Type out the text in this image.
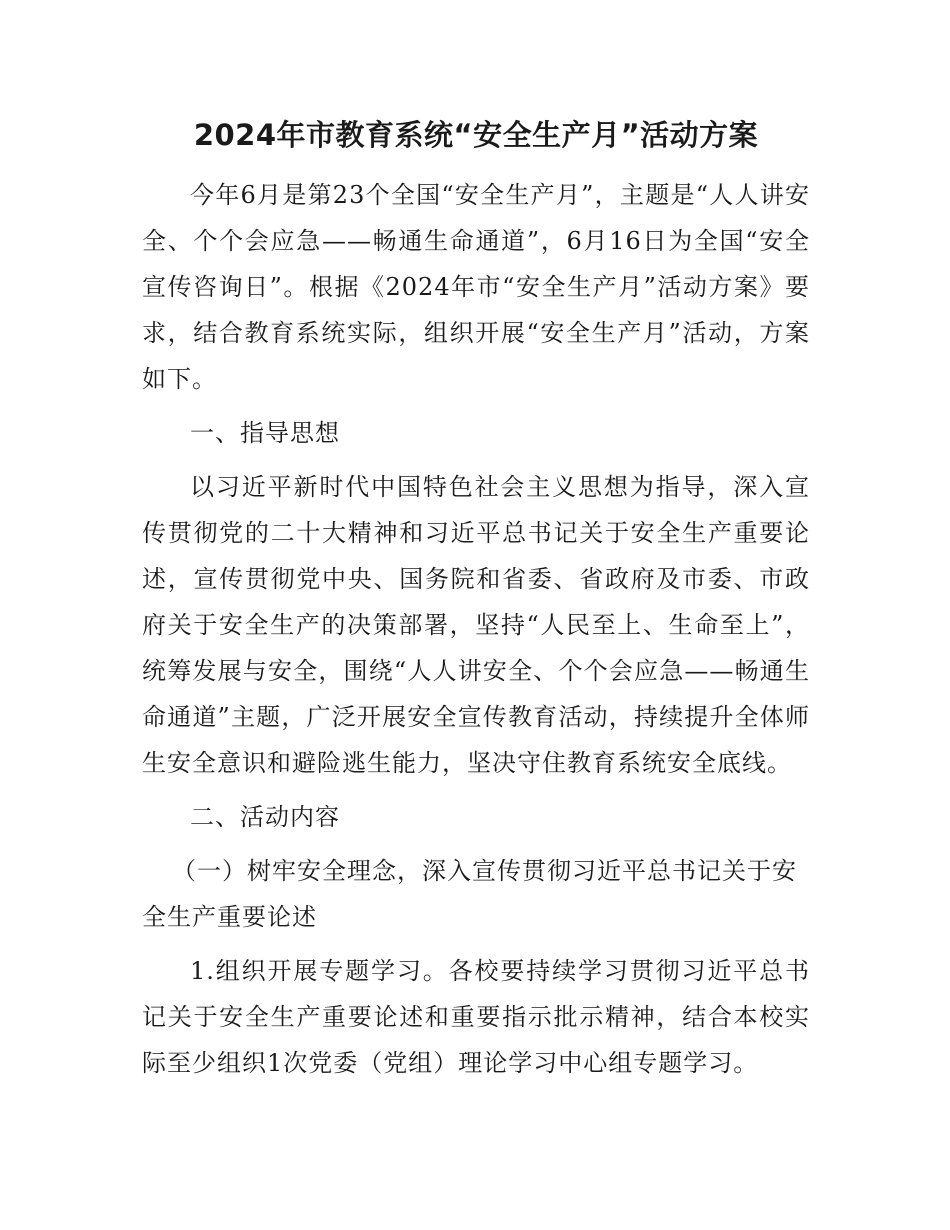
2024年市教育系统“安全生产月”活动方案

今年6月是第23个全国“安全生产月”，主题是“人人讲安全、个个会应急——畅通生命通道”，6月16日为全国“安全宣传咨询日”。根据《2024年市“安全生产月”活动方案》要求，结合教育系统实际，组织开展“安全生产月”活动，方案如下。

一、指导思想

以习近平新时代中国特色社会主义思想为指导，深入宣传贯彻党的二十大精神和习近平总书记关于安全生产重要论述，宣传贯彻党中央、国务院和省委、省政府及市委、市政府关于安全生产的决策部署，坚持“人民至上、生命至上”，统筹发展与安全，围绕“人人讲安全、个个会应急——畅通生命通道”主题，广泛开展安全宣传教育活动，持续提升全体师生安全意识和避险逃生能力，坚决守住教育系统安全底线。

二、活动内容

（一）树牢安全理念，深入宣传贯彻习近平总书记关于安全生产重要论述

1.组织开展专题学习。各校要持续学习贯彻习近平总书记关于安全生产重要论述和重要指示批示精神，结合本校实际至少组织1次党委（党组）理论学习中心组专题学习。
